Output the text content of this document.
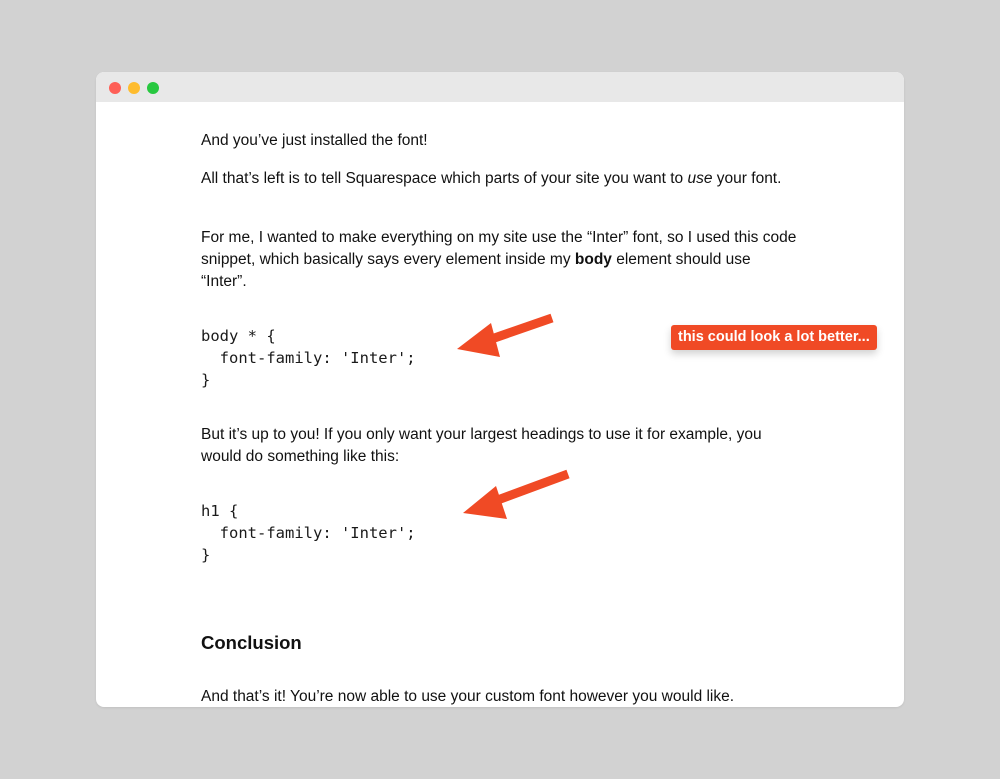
And you’ve just installed the font!

All that’s left is to tell Squarespace which parts of your site you want to use your font.

For me, I wanted to make everything on my site use the “Inter” font, so I used this code snippet, which basically says every element inside my body element should use “Inter”.

body * {
font-family: 'Inter';
}

But it’s up to you! If you only want your largest headings to use it for example, you would do something like this:

h1 {
font-family: 'Inter';
}
Conclusion

And that’s it! You’re now able to use your custom font however you would like.

this could look a lot better...
